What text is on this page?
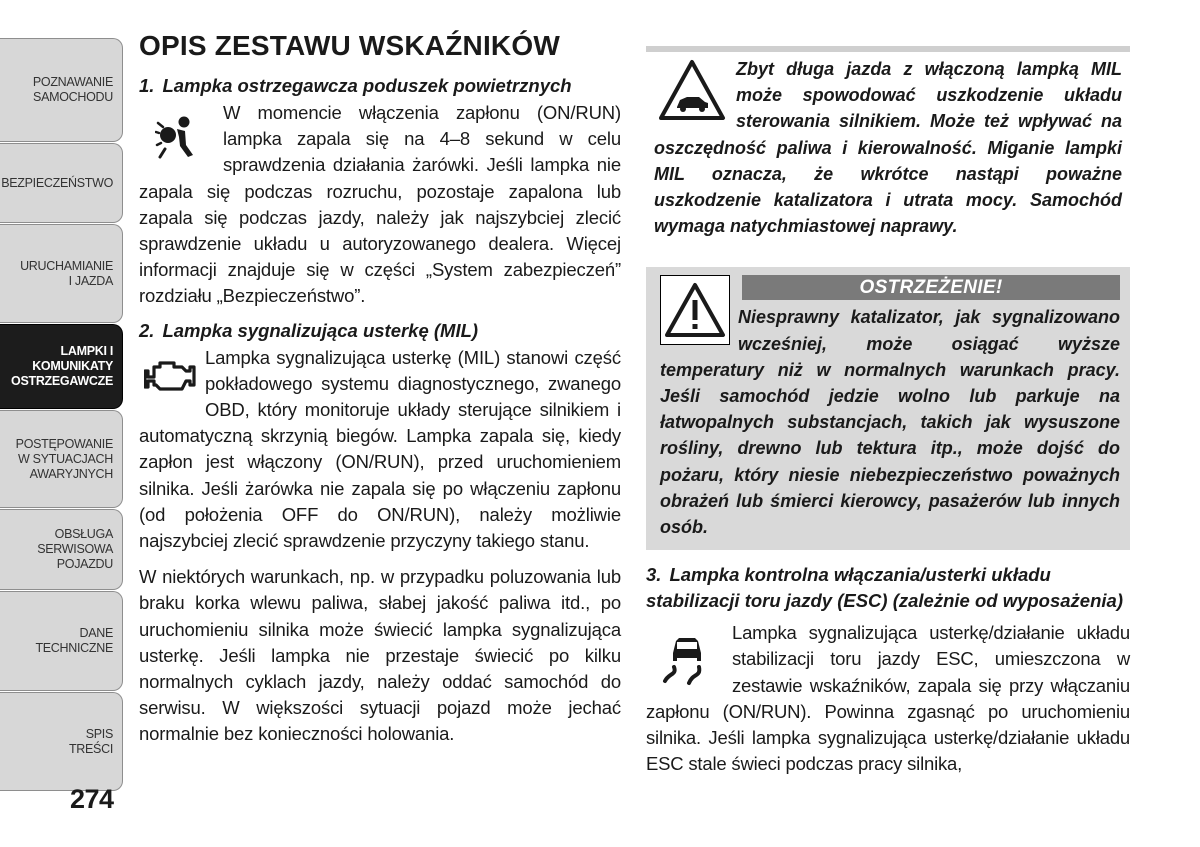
POZNAWANIE
SAMOCHODU
BEZPIECZEŃSTWO
URUCHAMIANIE
I JAZDA
LAMPKI I
KOMUNIKATY
OSTRZEGAWCZE
POSTĘPOWANIE
W SYTUACJACH
AWARYJNYCH
OBSŁUGA
SERWISOWA
POJAZDU
DANE
TECHNICZNE
SPIS
TREŚCI
274
OPIS ZESTAWU WSKAŹNIKÓW
1. Lampka ostrzegawcza poduszek powietrznych

W momencie włączenia zapłonu (ON/RUN) lampka zapala się na 4–8 sekund w celu sprawdzenia działania żarówki. Jeśli lampka nie zapala się podczas rozruchu, pozostaje zapalona lub zapala się podczas jazdy, należy jak najszybciej zlecić sprawdzenie układu u autoryzowanego dealera. Więcej informacji znajduje się w części „System zabezpieczeń” rozdziału „Bezpieczeństwo”.

2. Lampka sygnalizująca usterkę (MIL)

Lampka sygnalizująca usterkę (MIL) stanowi część pokładowego systemu diagnostycznego, zwanego OBD, który monitoruje układy sterujące silnikiem i automatyczną skrzynią biegów. Lampka zapala się, kiedy zapłon jest włączony (ON/RUN), przed uruchomieniem silnika. Jeśli żarówka nie zapala się po włączeniu zapłonu (od położenia OFF do ON/RUN), należy możliwie najszybciej zlecić sprawdzenie przyczyny takiego stanu.

W niektórych warunkach, np. w przypadku poluzowania lub braku korka wlewu paliwa, słabej jakość paliwa itd., po uruchomieniu silnika może świecić lampka sygnalizująca usterkę. Jeśli lampka nie przestaje świecić po kilku normalnych cyklach jazdy, należy oddać samochód do serwisu. W większości sytuacji pojazd może jechać normalnie bez konieczności holowania.

Zbyt długa jazda z włączoną lampką MIL może spowodować uszkodzenie układu sterowania silnikiem. Może też wpływać na oszczędność paliwa i kierowalność. Miganie lampki MIL oznacza, że wkrótce nastąpi poważne uszkodzenie katalizatora i utrata mocy. Samochód wymaga natychmiastowej naprawy.

OSTRZEŻENIE!

Niesprawny katalizator, jak sygnalizowano wcześniej, może osiągać wyższe temperatury niż w normalnych warunkach pracy. Jeśli samochód jedzie wolno lub parkuje na łatwopalnych substancjach, takich jak wysuszone rośliny, drewno lub tektura itp., może dojść do pożaru, który niesie niebezpieczeństwo poważnych obrażeń lub śmierci kierowcy, pasażerów lub innych osób.

3. Lampka kontrolna włączania/usterki układu stabilizacji toru jazdy (ESC) (zależnie od wyposażenia)

Lampka sygnalizująca usterkę/działanie układu stabilizacji toru jazdy ESC, umieszczona w zestawie wskaźników, zapala się przy włączaniu zapłonu (ON/RUN). Powinna zgasnąć po uruchomieniu silnika. Jeśli lampka sygnalizująca usterkę/działanie układu ESC stale świeci podczas pracy silnika,
